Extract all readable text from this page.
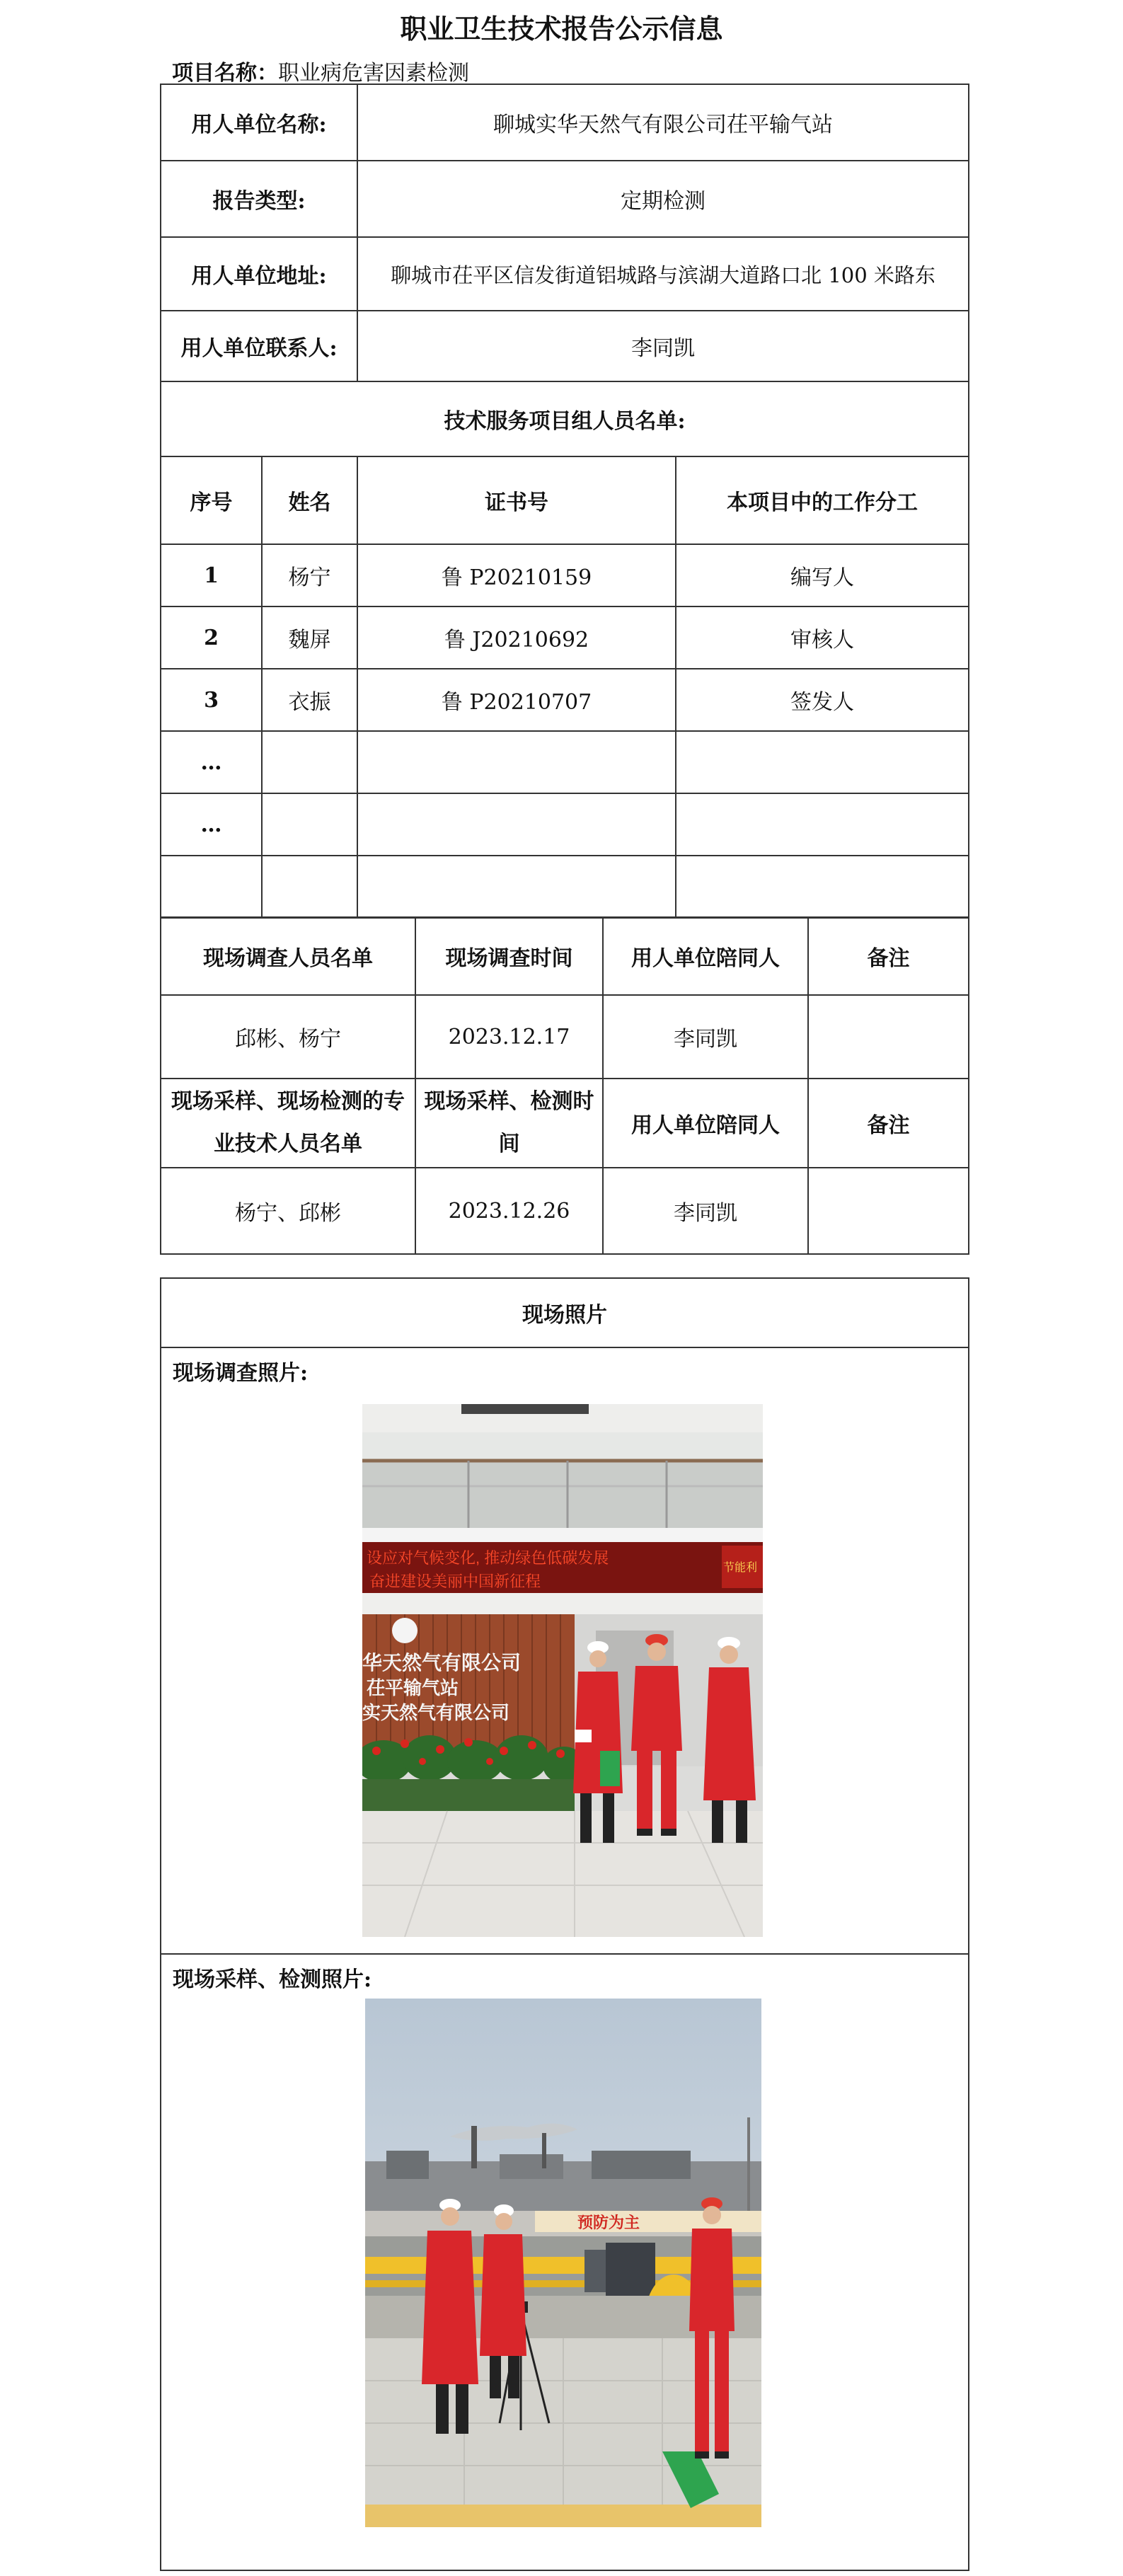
职业卫生技术报告公示信息
项目名称：职业病危害因素检测
用人单位名称:		聊城实华天然气有限公司茌平输气站	
报告类型:		定期检测	
用人单位地址:		聊城市茌平区信发街道铝城路与滨湖大道路口北 100 米路东	
用人单位联系人:		李同凯	
技术服务项目组人员名单:			
序号	姓名	证书号	本项目中的工作分工
1	杨宁	鲁 P20210159	编写人
2	魏屏	鲁 J20210692	审核人
3	衣振	鲁 P20210707	签发人
…			
…			

现场调查人员名单	现场调查时间	用人单位陪同人	备注
邱彬、杨宁	2023.12.17	李同凯	
现场采样、现场检测的专业技术人员名单	现场采样、检测时间	用人单位陪同人	备注
杨宁、邱彬	2023.12.26	李同凯	
现场照片

现场调查照片:
设应对气候变化, 推动绿色低碳发展
奋进建设美丽中国新征程
节能利
华天然气有限公司
茌平输气站
实天然气有限公司

现场采样、检测照片:
预防为主
